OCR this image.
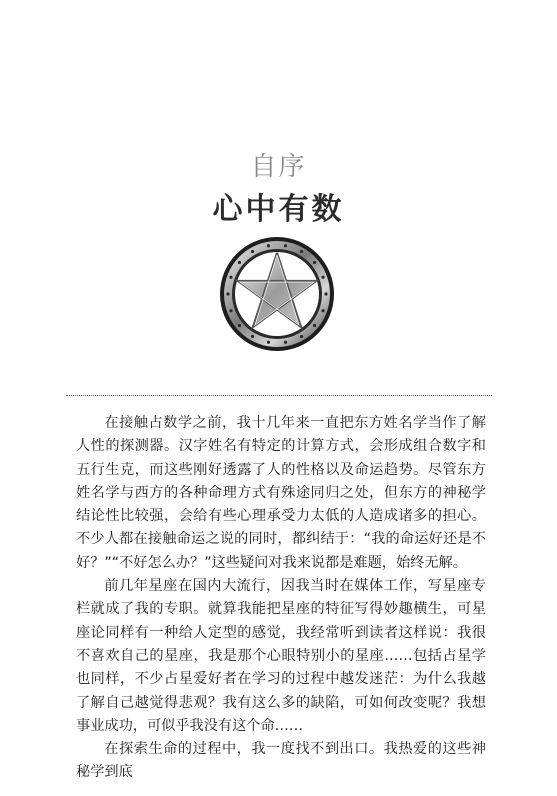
自序
心中有数

在接触占数学之前，我十几年来一直把东方姓名学当作了解人性的探测器。汉字姓名有特定的计算方式，会形成组合数字和五行生克，而这些刚好透露了人的性格以及命运趋势。尽管东方姓名学与西方的各种命理方式有殊途同归之处，但东方的神秘学结论性比较强，会给有些心理承受力太低的人造成诸多的担心。不少人都在接触命运之说的同时，都纠结于：“我的命运好还是不好？”“不好怎么办？”这些疑问对我来说都是难题，始终无解。

前几年星座在国内大流行，因我当时在媒体工作，写星座专栏就成了我的专职。就算我能把星座的特征写得妙趣横生，可星座论同样有一种给人定型的感觉，我经常听到读者这样说：我很不喜欢自己的星座，我是那个心眼特别小的星座……包括占星学也同样，不少占星爱好者在学习的过程中越发迷茫：为什么我越了解自己越觉得悲观？我有这么多的缺陷，可如何改变呢？我想事业成功，可似乎我没有这个命……

在探索生命的过程中，我一度找不到出口。我热爱的这些神秘学到底
